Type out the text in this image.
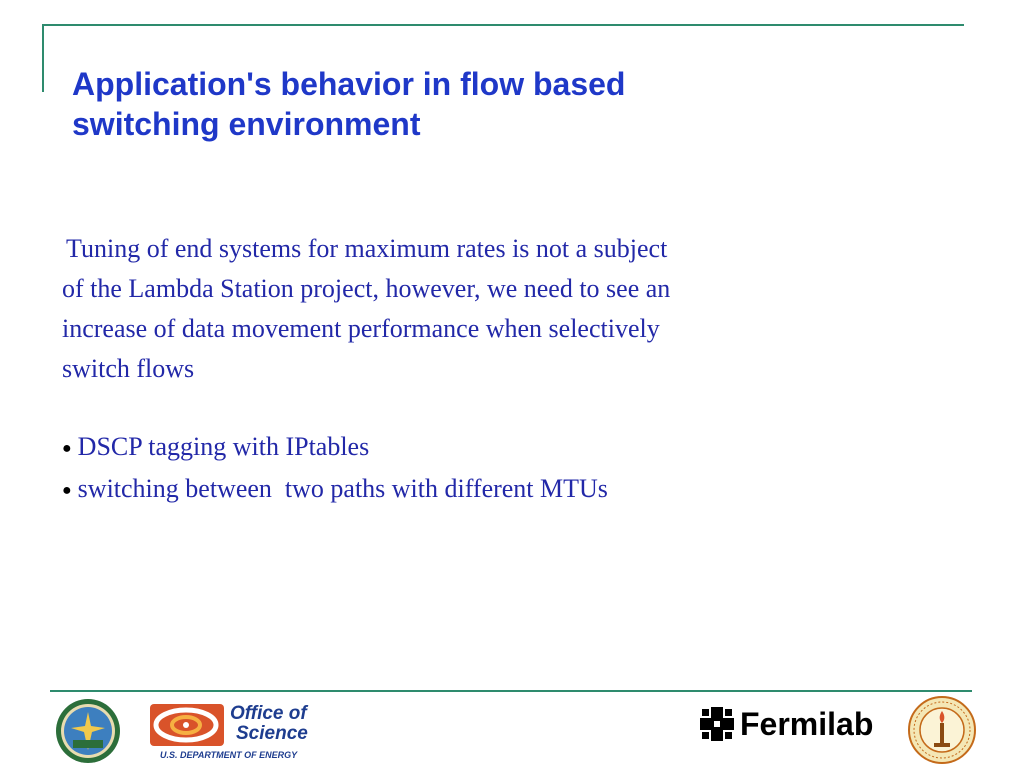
Application's behavior in flow based
switching environment
Tuning of end systems for maximum rates is not a subject
of the Lambda Station project, however, we need to see an
increase of data movement performance when selectively
switch flows
● DSCP tagging with IPtables
● switching between  two paths with different MTUs
Office of
Science
U.S. DEPARTMENT OF ENERGY
Fermilab
